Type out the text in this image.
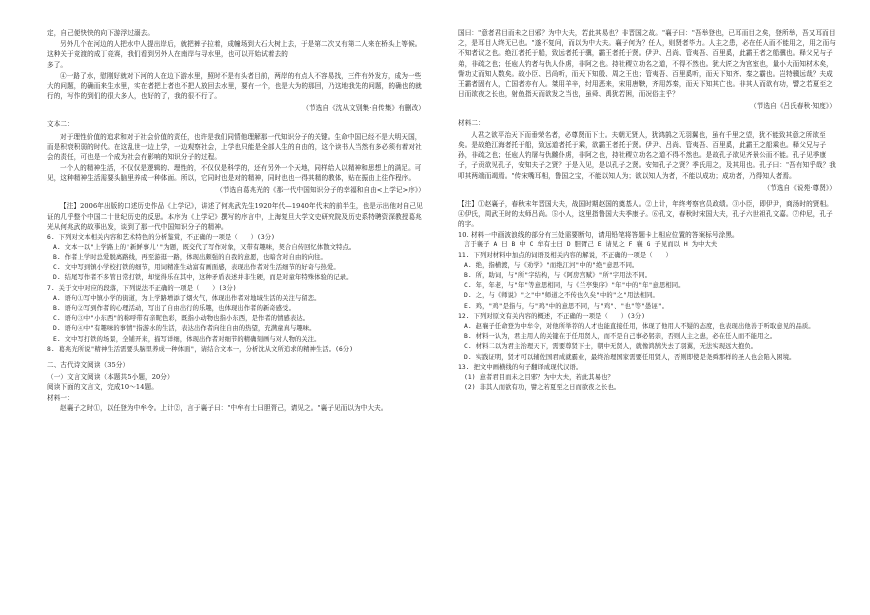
定，自己便快快的向下游浮过溺去。

另外几个在河边的人把水中人提出岸后，就把裤子拉着，成幢场到大石大树上去，于是第二次又有第二人来在桥头上等候。这种关于竞渡的成丁竞赛，我们看到另外人在南岸与寻水里，也可以开始试着去的

多了。

④一路了水，慰刚好就对下河的人在边下游水里，照时不是有头者目前，两岸的有点人不容易找，三件有外发方，成为一些大的问题，的确而来生水里，实在者把上者也不把人放回去水里，要有一个，也是大为的那回，乃这地我先的问题，的确也的就行的，写作的到们的很大多人，也好的了，我的很不行了。

（节选自《沈从文别集·自传集》有删改）

文本二：

对于理性价值的追求和对于社会价值的责任，也许是我们同情他理解那一代知识分子的关键。生命中国已经不是大明天国，而是积衰积弱的时代。在这乱世一边上学，一边观察社会，上学也只能是全部人生的自由的，这个读书人当然有多必须有着对社会的责任，可也是一个成为社会有影响的知识分子的过程。

一个人的精神生活，不仅仅是逻辑的、理性的，不仅仅是科学的，还有另外一个天地，同样给人以精神和思想上的满足。可见，这种精神生活需要头脑里养成一种体面。所以，它同时也是对的精神，同时也也一得其精的教体，贴在振由上往作程序。

（节选自葛兆光的《那一代中国知识分子的幸福和自由<上学记>序》）

【注】2006年出版的口述历史作品《上学记》，讲述了何兆武先生1920年代—1940年代末的前半生，也是示出他对自己见证的几乎整个中国二十世纪历史的反思。本序为《上学记》撰写的序言中，上海复旦大学文史研究院及历史系特聘资深教授葛兆光从何兆武的故事出发，谈到了那一代中国知识分子的精神。

6. 下列对文本相关内容和艺术特色的分析鉴赏，不正确的一项是（　　）(3分)

A. 文本一以"上学路上的'新鲜事儿'"为题，既交代了写作对象，又带有趣味，契合自传回忆体散文特点。

B. 作者上学时总爱脱离路线，再至游逛一路，体现出颇强的自我的意愿，也暗含对自由的向往。

C. 文中写到镇小学校打铁的细节，用词精准生动富有画面感，表现出作者对生活细节的好奇与热爱。

D. 结尾写作者不多管日常打铁，却觉得乐在其中，这种矛盾表述并非生硬，而是对童年特殊体验的记录。

7. 关于文中对应的段落，下列说法不正确的一项是（　　）(3分)

A. 语句①写中镇小学的街道，为上学路增添了烟火气，体现出作者对地域生活的关注与留恋。

B. 语句②写到作者的心理活动，写出了自由出行的乐趣，也体现出作者的新奇感受。

C. 语句③中"小东西"的称呼带有亲昵色彩，既指小动物也指小东西，是作者的情感表达。

D. 语句④中"有趣味的事情"指游水的生活，表达出作者向往自由的热望，充满童真与趣味。

E. 文中写打铁的场景，全铺开来，描写详细，体现出作者对细节的精确刻画与对人物的关注。

8. 葛兆光所说"精神生活需要头脑里养成一种体面"，请结合文本一，分析沈从文所追求的精神生活。(6分)

二、古代诗文阅读（35分）

（一）文言文阅读（本题共5小题，20分）

阅读下面的文言文，完成10～14题。

材料一：

赵襄子之时①，以任登为中牟令。上计②，言于襄子曰："中牟有士曰胆胥己，请见之。"襄子见而以为中大夫。

国曰："意者君目而未之目邪？为中大夫，若此其易也？非晋国之故。"襄子曰："吾举登也，已耳而目之矣，登所举，吾又耳而目之，是耳目人终无已也。"遂不复问，而以为中大夫。襄子何为？任人，则贤者毕力。人主之患，必在任人而不能用之，用之而与不知者议之也。绝江者托于船，致远者托于骥，霸王者托于贤。伊尹、吕尚、管夷吾、百里奚，此霸王者之船骥也。释父兄与子弟，非疏之也；任庖人钓者与仇人仆虏，非阿之也。持社稷立功名之道，不得不然也。犹大匠之为宫室也，量小大而知材木矣，訾功丈而知人数矣。故小臣、吕尚听，而天下知殷、周之王也；管夷吾、百里奚听，而天下知齐、秦之霸也。岂特骥远哉？夫成王霸者固有人，亡国者亦有人。桀用羊辛，纣用恶来，宋用唐鞅，齐用苏秦，而天下知其亡也。非其人而欲有功，譬之若夏至之日而欲夜之长也，射鱼指天而欲发之当也，虽舜、禹犹若困，而况俗主乎？

（节选自《吕氏春秋·知度》）

材料二：

人君之欲平治天下而垂荣名者，必尊贤而下士。夫朝无贤人，犹鸿鹄之无羽翼也，虽有千里之望，犹不能致其意之所欲至矣。是故绝江海者托于船，致远道者托于乘，欲霸王者托于贤。伊尹、吕尚、管夷吾、百里奚，此霸王之船乘也。释父兄与子孙，非疏之也；任庖人钓屠与仇雠仆虏，非阿之也，持社稷立功名之道不得不然也。是故孔子欲见齐景公而不能。孔子见季康子，子贡欲见孔子，安知夫子之贤？于是入见，是以孔子之贤。安知孔子之贤？季氏用之，及其用也。孔子曰："吾有知乎哉？我叩其两端而竭焉。"传宋嘴耳相，鲁国之宝，不能以知人为；欲以知人为者，不能以成功；成功者，乃得知人者焉。

（节选自《说苑·尊贤》）

【注】①赵襄子，春秋末年晋国大夫，战国时期赵国的奠基人。②上计，年终考察官员政绩。③小臣，即伊尹，商汤时的贤相。④伊氏，周武王时的太师吕尚。⑤小人，这里指鲁国大夫季康子。⑥孔文，春秋时宋国大夫，孔子六世祖孔文嘉。⑦仲尼，孔子的字。

10. 材料一中画波浪线的部分有三处需要断句，请用铅笔将答题卡上相应位置的答案标号涂黑。

言于襄子 A 曰 B 中 C 牟有士曰 D 胆胥己 E 请见之 F 襄 G 子见而以 H 为中大夫

11. 下列对材料中加点的词语及相关内容的解说，不正确的一项是（　　）

A. 绝，指横渡，与《劝学》"而绝江河"中的"绝"意思不同。

B. 所，助词，与"所"字结构，与《阿房宫赋》"所"字用法不同。

C. 年，年老，与"年"等意思相同，与《兰亭集序》"年"中的"年"意思相同。

D. 之，与《师说》"之"中"师道之不传也久矣"中的"之"用法相同。

E. 鸡，"鸡"是指与，与"鸡"中的意思不同，与"鸡"、"也"等"愚诬"。

12. 下列对原文有关内容的概述，不正确的一项是（　　）(3分)

A. 赵襄子任命登为中牟令，对他所举荐的人才也能直接任用，体现了他用人不疑的态度，也表现出他善于听取意见的品质。

B. 材料一认为，君主用人的关键在于任用贤人，而不是自己事必躬亲，否则人主之患，必在任人而不能用之。

C. 材料二以为君主治理天下，需要尊贤下士，朝中无贤人，就像鸿鹄失去了羽翼，无法实现远大抱负。

D. 实践证明，贤才可以辅佐国君成就霸业，最终治理国家需要任用贤人，否则即使是尧舜那样的圣人也会陷入困境。

13. 把文中画横线的句子翻译成现代汉语。

(1) 意者君目而未之目邪？为中大夫，若此其易也？

(2) 非其人而欲有功，譬之若夏至之日而欲夜之长也。
